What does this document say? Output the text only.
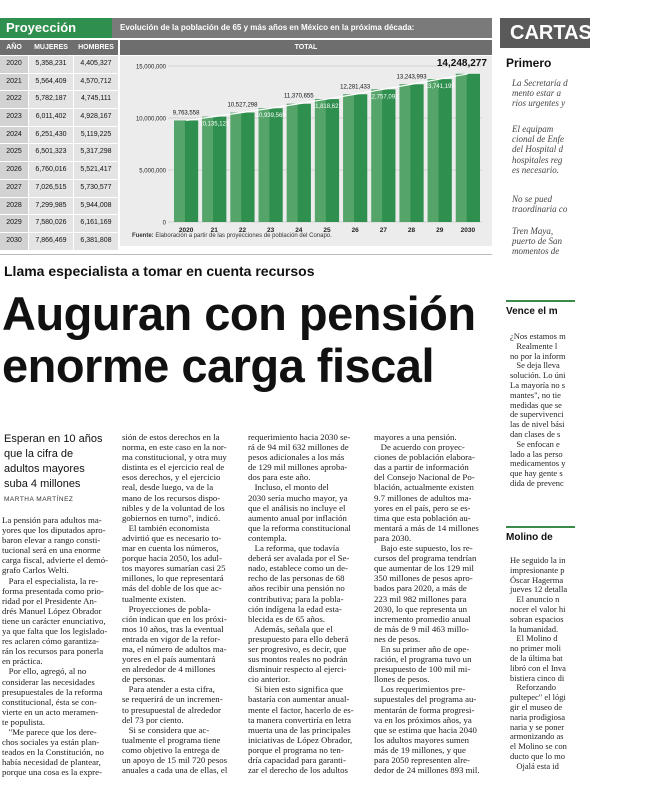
Proyección	Evolución de la población de 65 y más años en México en la próxima década:
AÑO	MUJERES	HOMBRES	TOTAL
2020	5,358,231	4,405,327
2021	5,564,409	4,570,712
2022	5,782,187	4,745,111
2023	6,011,402	4,928,167
2024	6,251,430	5,119,225
2025	6,501,323	5,317,298
2026	6,760,016	5,521,417
2027	7,026,515	5,730,577
2028	7,299,985	5,944,008
2029	7,580,026	6,161,169
2030	7,866,469	6,381,808
0
5,000,000
10,000,000
15,000,000
9,763,558
10,135,121
10,527,298
10,939,569
11,370,655
11,818,621
12,281,433
12,757,092
13,243,993
13,741,195
14,248,277
2020	21	22	23	24	25	26	27	28	29	2030
Fuente: Elaboración a partir de las proyecciones de población del Conapo.
Llama especialista a tomar en cuenta recursos
Auguran con pensión
enorme carga fiscal
Esperan en 10 años
que la cifra de
adultos mayores
suba 4 millones
MARTHA MARTÍNEZ
La pensión para adultos ma-
yores que los diputados apro-
baron elevar a rango consti-
tucional será en una enorme
carga fiscal, advierte el demó-
grafo Carlos Welti.
Para el especialista, la re-
forma presentada como prio-
ridad por el Presidente An-
drés Manuel López Obrador
tiene un carácter enunciativo,
ya que falta que los legislado-
res aclaren cómo garantiza-
rán los recursos para ponerla
en práctica.
Por ello, agregó, al no
considerar las necesidades
presupuestales de la reforma
constitucional, ésta se con-
vierte en un acto meramen-
te populista.
"Me parece que los dere-
chos sociales ya están plan-
teados en la Constitución, no
había necesidad de plantear,
porque una cosa es la expre-
sión de estos derechos en la
norma, en este caso en la nor-
ma constitucional, y otra muy
distinta es el ejercicio real de
esos derechos, y el ejercicio
real, desde luego, va de la
mano de los recursos dispo-
nibles y de la voluntad de los
gobiernos en turno", indicó.
El también economista
advirtió que es necesario to-
mar en cuenta los números,
porque hacia 2050, los adul-
tos mayores sumarían casi 25
millones, lo que representará
más del doble de los que ac-
tualmente existen.
Proyecciones de pobla-
ción indican que en los próxi-
mos 10 años, tras la eventual
entrada en vigor de la refor-
ma, el número de adultos ma-
yores en el país aumentará
en alrededor de 4 millones
de personas.
Para atender a esta cifra,
se requerirá de un incremen-
to presupuestal de alrededor
del 73 por ciento.
Si se considera que ac-
tualmente el programa tiene
como objetivo la entrega de
un apoyo de 15 mil 720 pesos
anuales a cada una de ellas, el
requerimiento hacia 2030 se-
rá de 94 mil 632 millones de
pesos adicionales a los más
de 129 mil millones aproba-
dos para este año.
Incluso, el monto del
2030 sería mucho mayor, ya
que el análisis no incluye el
aumento anual por inflación
que la reforma constitucional
contempla.
La reforma, que todavía
deberá ser avalada por el Se-
nado, establece como un de-
recho de las personas de 68
años recibir una pensión no
contributiva; para la pobla-
ción indígena la edad esta-
blecida es de 65 años.
Además, señala que el
presupuesto para ello deberá
ser progresivo, es decir, que
sus montos reales no podrán
disminuir respecto al ejerci-
cio anterior.
Si bien esto significa que
bastaría con aumentar anual-
mente el factor, hacerlo de es-
ta manera convertiría en letra
muerta una de las principales
iniciativas de López Obrador,
porque el programa no ten-
dría capacidad para garanti-
zar el derecho de los adultos
mayores a una pensión.
De acuerdo con proyec-
ciones de población elabora-
das a partir de información
del Consejo Nacional de Po-
blación, actualmente existen
9.7 millones de adultos ma-
yores en el país, pero se es-
tima que esta población au-
mentará a más de 14 millones
para 2030.
Bajo este supuesto, los re-
cursos del programa tendrían
que aumentar de los 129 mil
350 millones de pesos apro-
bados para 2020, a más de
223 mil 982 millones para
2030, lo que representa un
incremento promedio anual
de más de 9 mil 463 millo-
nes de pesos.
En su primer año de ope-
ración, el programa tuvo un
presupuesto de 100 mil mi-
llones de pesos.
Los requerimientos pre-
supuestales del programa au-
mentarán de forma progresi-
va en los próximos años, ya
que se estima que hacia 2040
los adultos mayores sumen
más de 19 millones, y que
para 2050 representen alre-
dedor de 24 millones 893 mil.
CARTAS
Primero
La Secretaría d
mento estar a
rios urgentes y
El equipam
cional de Enfe
del Hospital d
hospitales reg
es necesario.
No se pued
traordinaria co
Tren Maya,
puerto de San
momentos de
Vence el m
¿Nos estamos m
Realmente l
no por la inform
Se deja lleva
solución. Lo úni
La mayoría no s
mantes", no tie
medidas que se
de supervivenci
las de nivel bási
dan clases de s
Se enfocan e
lado a las perso
medicamentos y
que hay gente s
dida de prevenc
Molino de
He seguido la in
impresionante p
Óscar Hagerma
jueves 12 detalla
El anuncio n
nocer el valor hi
sobran espacios
la humanidad.
El Molino d
no primer moli
de la última bat
libró con el Inva
bistiera cinco di
Reforzando
pultepec" el lógi
gir el museo de
naria prodigiosa
naria y se poner
armonizando as
el Molino se con
ducto que lo mo
Ojalá esta id
